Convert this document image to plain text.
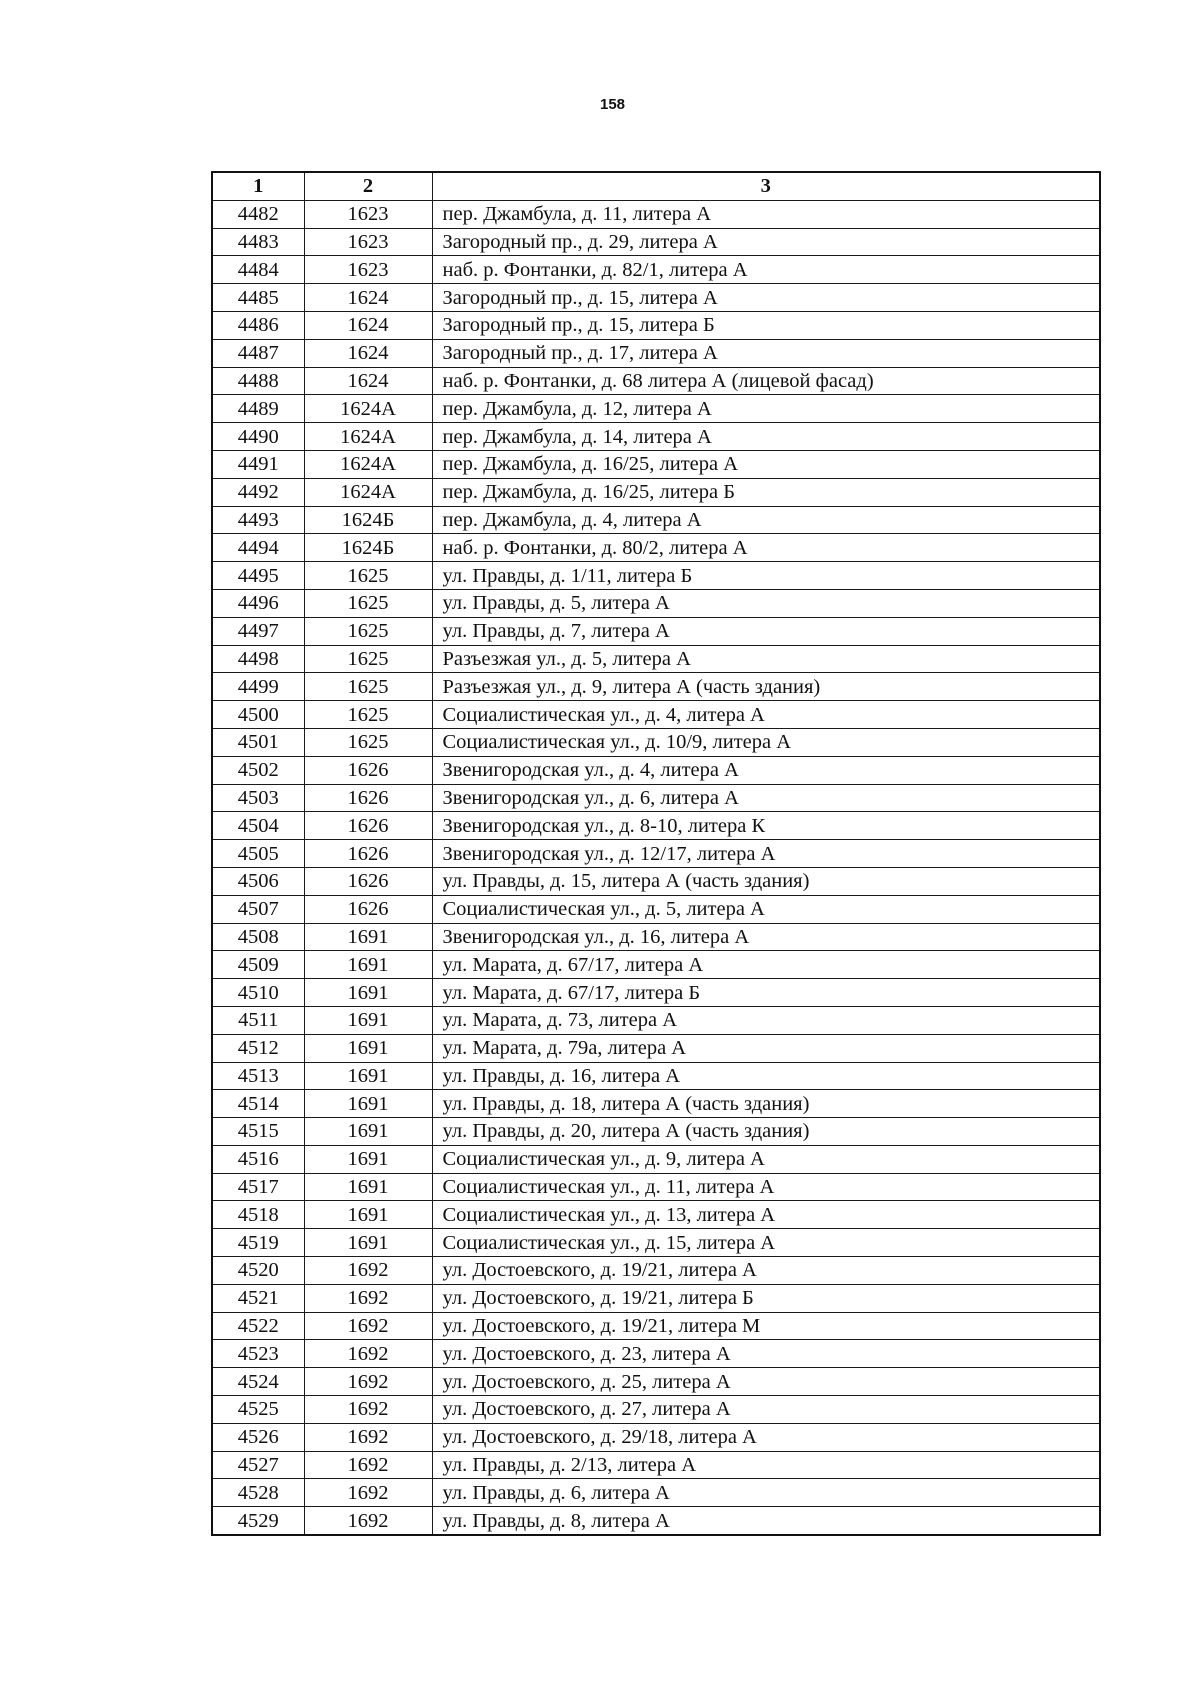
158
1	2	3
4482	1623	пер. Джамбула, д. 11, литера А
4483	1623	Загородный пр., д. 29, литера А
4484	1623	наб. р. Фонтанки, д. 82/1, литера А
4485	1624	Загородный пр., д. 15, литера А
4486	1624	Загородный пр., д. 15, литера Б
4487	1624	Загородный пр., д. 17, литера А
4488	1624	наб. р. Фонтанки, д. 68 литера А (лицевой фасад)
4489	1624А	пер. Джамбула, д. 12, литера А
4490	1624А	пер. Джамбула, д. 14, литера А
4491	1624А	пер. Джамбула, д. 16/25, литера А
4492	1624А	пер. Джамбула, д. 16/25, литера Б
4493	1624Б	пер. Джамбула, д. 4, литера А
4494	1624Б	наб. р. Фонтанки, д. 80/2, литера А
4495	1625	ул. Правды, д. 1/11, литера Б
4496	1625	ул. Правды, д. 5, литера А
4497	1625	ул. Правды, д. 7, литера А
4498	1625	Разъезжая ул., д. 5, литера А
4499	1625	Разъезжая ул., д. 9, литера А (часть здания)
4500	1625	Социалистическая ул., д. 4, литера А
4501	1625	Социалистическая ул., д. 10/9, литера А
4502	1626	Звенигородская ул., д. 4, литера А
4503	1626	Звенигородская ул., д. 6, литера А
4504	1626	Звенигородская ул., д. 8-10, литера К
4505	1626	Звенигородская ул., д. 12/17, литера А
4506	1626	ул. Правды, д. 15, литера А (часть здания)
4507	1626	Социалистическая ул., д. 5, литера А
4508	1691	Звенигородская ул., д. 16, литера А
4509	1691	ул. Марата, д. 67/17, литера А
4510	1691	ул. Марата, д. 67/17, литера Б
4511	1691	ул. Марата, д. 73, литера А
4512	1691	ул. Марата, д. 79а, литера А
4513	1691	ул. Правды, д. 16, литера А
4514	1691	ул. Правды, д. 18, литера А (часть здания)
4515	1691	ул. Правды, д. 20, литера А (часть здания)
4516	1691	Социалистическая ул., д. 9, литера А
4517	1691	Социалистическая ул., д. 11, литера А
4518	1691	Социалистическая ул., д. 13, литера А
4519	1691	Социалистическая ул., д. 15, литера А
4520	1692	ул. Достоевского, д. 19/21, литера А
4521	1692	ул. Достоевского, д. 19/21, литера Б
4522	1692	ул. Достоевского, д. 19/21, литера М
4523	1692	ул. Достоевского, д. 23, литера А
4524	1692	ул. Достоевского, д. 25, литера А
4525	1692	ул. Достоевского, д. 27, литера А
4526	1692	ул. Достоевского, д. 29/18, литера А
4527	1692	ул. Правды, д. 2/13, литера А
4528	1692	ул. Правды, д. 6, литера А
4529	1692	ул. Правды, д. 8, литера А
